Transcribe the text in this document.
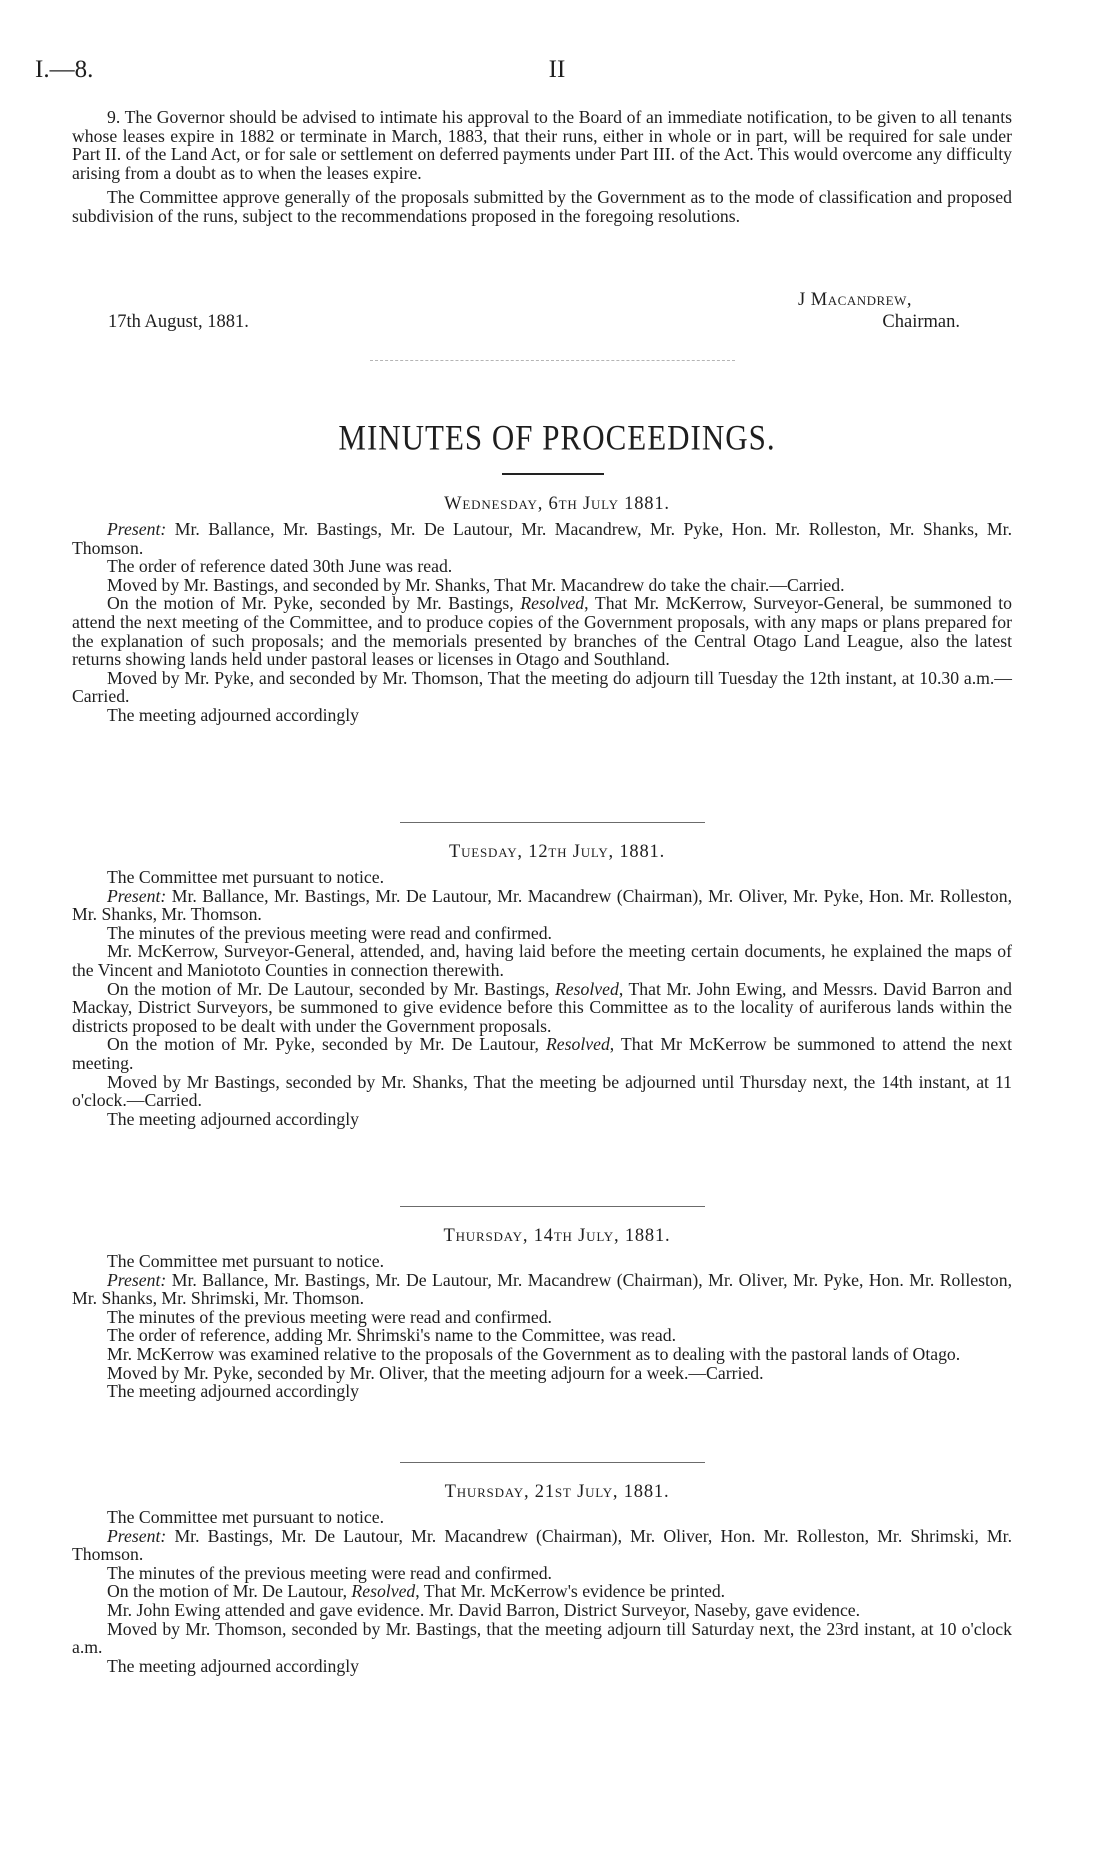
I.—8.	II

9. The Governor should be advised to intimate his approval to the Board of an immediate notification, to be given to all tenants whose leases expire in 1882 or terminate in March, 1883, that their runs, either in whole or in part, will be required for sale under Part II. of the Land Act, or for sale or settlement on deferred payments under Part III. of the Act. This would overcome any difficulty arising from a doubt as to when the leases expire.

The Committee approve generally of the proposals submitted by the Government as to the mode of classification and proposed subdivision of the runs, subject to the recommendations proposed in the foregoing resolutions.

J Macandrew,
Chairman.
17th August, 1881.
MINUTES OF PROCEEDINGS.
Wednesday, 6th July 1881.

Present: Mr. Ballance, Mr. Bastings, Mr. De Lautour, Mr. Macandrew, Mr. Pyke, Hon. Mr. Rolleston, Mr. Shanks, Mr. Thomson.

The order of reference dated 30th June was read.

Moved by Mr. Bastings, and seconded by Mr. Shanks, That Mr. Macandrew do take the chair.—Carried.

On the motion of Mr. Pyke, seconded by Mr. Bastings, Resolved, That Mr. McKerrow, Surveyor-General, be summoned to attend the next meeting of the Committee, and to produce copies of the Government proposals, with any maps or plans prepared for the explanation of such proposals; and the memorials presented by branches of the Central Otago Land League, also the latest returns showing lands held under pastoral leases or licenses in Otago and Southland.

Moved by Mr. Pyke, and seconded by Mr. Thomson, That the meeting do adjourn till Tuesday the 12th instant, at 10.30 a.m.—Carried.

The meeting adjourned accordingly

Tuesday, 12th July, 1881.

The Committee met pursuant to notice.

Present: Mr. Ballance, Mr. Bastings, Mr. De Lautour, Mr. Macandrew (Chairman), Mr. Oliver, Mr. Pyke, Hon. Mr. Rolleston, Mr. Shanks, Mr. Thomson.

The minutes of the previous meeting were read and confirmed.

Mr. McKerrow, Surveyor-General, attended, and, having laid before the meeting certain documents, he explained the maps of the Vincent and Maniototo Counties in connection therewith.

On the motion of Mr. De Lautour, seconded by Mr. Bastings, Resolved, That Mr. John Ewing, and Messrs. David Barron and Mackay, District Surveyors, be summoned to give evidence before this Committee as to the locality of auriferous lands within the districts proposed to be dealt with under the Government proposals.

On the motion of Mr. Pyke, seconded by Mr. De Lautour, Resolved, That Mr McKerrow be summoned to attend the next meeting.

Moved by Mr Bastings, seconded by Mr. Shanks, That the meeting be adjourned until Thursday next, the 14th instant, at 11 o'clock.—Carried.

The meeting adjourned accordingly

Thursday, 14th July, 1881.

The Committee met pursuant to notice.

Present: Mr. Ballance, Mr. Bastings, Mr. De Lautour, Mr. Macandrew (Chairman), Mr. Oliver, Mr. Pyke, Hon. Mr. Rolleston, Mr. Shanks, Mr. Shrimski, Mr. Thomson.

The minutes of the previous meeting were read and confirmed.

The order of reference, adding Mr. Shrimski's name to the Committee, was read.

Mr. McKerrow was examined relative to the proposals of the Government as to dealing with the pastoral lands of Otago.

Moved by Mr. Pyke, seconded by Mr. Oliver, that the meeting adjourn for a week.—Carried.

The meeting adjourned accordingly

Thursday, 21st July, 1881.

The Committee met pursuant to notice.

Present: Mr. Bastings, Mr. De Lautour, Mr. Macandrew (Chairman), Mr. Oliver, Hon. Mr. Rolleston, Mr. Shrimski, Mr. Thomson.

The minutes of the previous meeting were read and confirmed.

On the motion of Mr. De Lautour, Resolved, That Mr. McKerrow's evidence be printed.

Mr. John Ewing attended and gave evidence. Mr. David Barron, District Surveyor, Naseby, gave evidence.

Moved by Mr. Thomson, seconded by Mr. Bastings, that the meeting adjourn till Saturday next, the 23rd instant, at 10 o'clock a.m.

The meeting adjourned accordingly
